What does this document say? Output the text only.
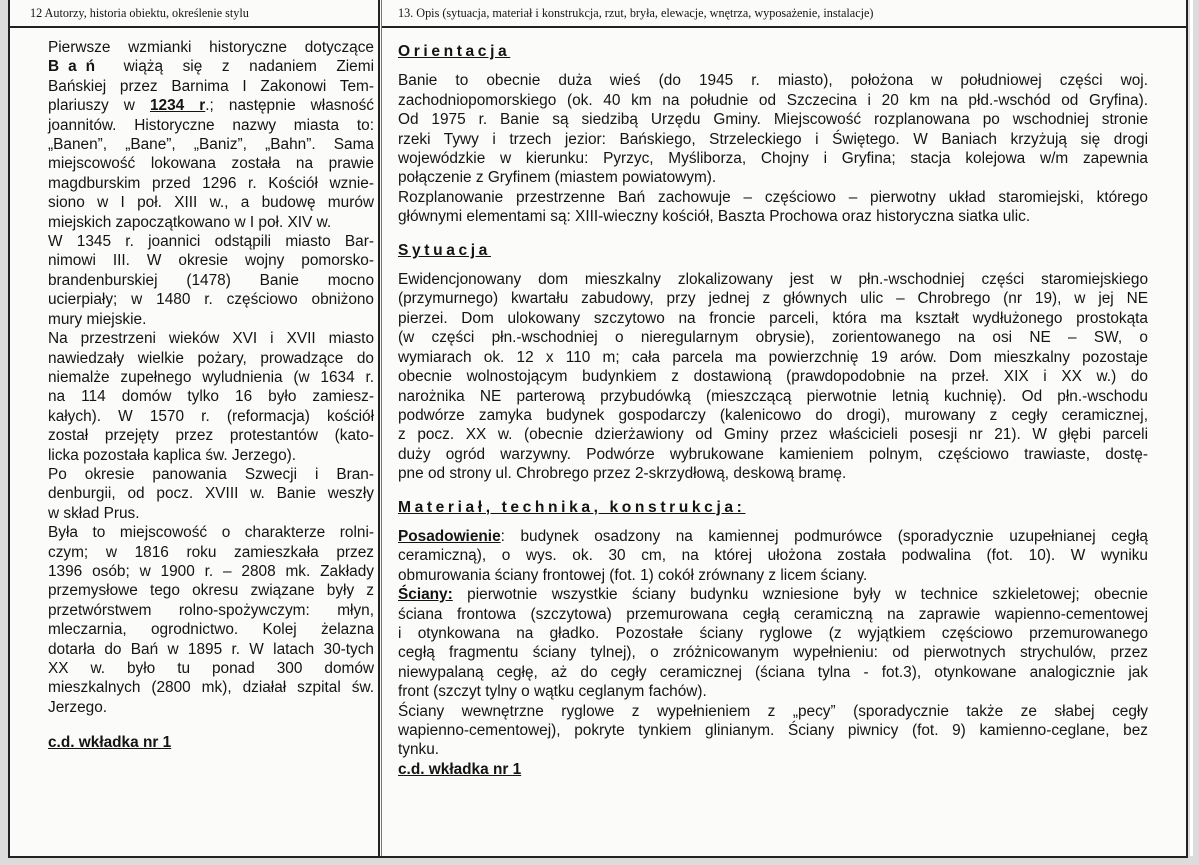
12 Autorzy, historia obiektu, określenie stylu
Pierwsze wzmianki historyczne dotyczące
Bań wiążą się z nadaniem Ziemi
Bańskiej przez Barnima I Zakonowi Tem-
plariuszy w 1234 r.; następnie własność
joannitów. Historyczne nazwy miasta to:
„Banen”, „Bane”, „Baniz”, „Bahn”. Sama
miejscowość lokowana została na prawie
magdburskim przed 1296 r. Kościół wznie-
siono w I poł. XIII w., a budowę murów
miejskich zapoczątkowano w I poł. XIV w.
W 1345 r. joannici odstąpili miasto Bar-
nimowi III. W okresie wojny pomorsko-
brandenburskiej (1478) Banie mocno
ucierpiały; w 1480 r. częściowo obniżono
mury miejskie.
Na przestrzeni wieków XVI i XVII miasto
nawiedzały wielkie pożary, prowadzące do
niemalże zupełnego wyludnienia (w 1634 r.
na 114 domów tylko 16 było zamiesz-
kałych). W 1570 r. (reformacja) kościół
został przejęty przez protestantów (kato-
licka pozostała kaplica św. Jerzego).
Po okresie panowania Szwecji i Bran-
denburgii, od pocz. XVIII w. Banie weszły
w skład Prus.
Była to miejscowość o charakterze rolni-
czym; w 1816 roku zamieszkała przez
1396 osób; w 1900 r. – 2808 mk. Zakłady
przemysłowe tego okresu związane były z
przetwórstwem rolno-spożywczym: młyn,
mleczarnia, ogrodnictwo. Kolej żelazna
dotarła do Bań w 1895 r. W latach 30-tych
XX w. było tu ponad 300 domów
mieszkalnych (2800 mk), działał szpital św.
Jerzego.
c.d. wkładka nr 1
13. Opis (sytuacja, materiał i konstrukcja, rzut, bryła, elewacje, wnętrza, wyposażenie, instalacje)

Orientacja

Banie to obecnie duża wieś (do 1945 r. miasto), położona w południowej części woj.
zachodniopomorskiego (ok. 40 km na południe od Szczecina i 20 km na płd.-wschód od Gryfina).
Od 1975 r. Banie są siedzibą Urzędu Gminy. Miejscowość rozplanowana po wschodniej stronie
rzeki Tywy i trzech jezior: Bańskiego, Strzeleckiego i Świętego. W Baniach krzyżują się drogi
wojewódzkie w kierunku: Pyrzyc, Myśliborza, Chojny i Gryfina; stacja kolejowa w/m zapewnia
połączenie z Gryfinem (miastem powiatowym).
Rozplanowanie przestrzenne Bań zachowuje – częściowo – pierwotny układ staromiejski, którego
głównymi elementami są: XIII-wieczny kościół, Baszta Prochowa oraz historyczna siatka ulic.

Sytuacja

Ewidencjonowany dom mieszkalny zlokalizowany jest w płn.-wschodniej części staromiejskiego
(przymurnego) kwartału zabudowy, przy jednej z głównych ulic – Chrobrego (nr 19), w jej NE
pierzei. Dom ulokowany szczytowo na froncie parceli, która ma kształt wydłużonego prostokąta
(w części płn.-wschodniej o nieregularnym obrysie), zorientowanego na osi NE – SW, o
wymiarach ok. 12 x 110 m; cała parcela ma powierzchnię 19 arów. Dom mieszkalny pozostaje
obecnie wolnostojącym budynkiem z dostawioną (prawdopodobnie na przeł. XIX i XX w.) do
narożnika NE parterową przybudówką (mieszczącą pierwotnie letnią kuchnię). Od płn.-wschodu
podwórze zamyka budynek gospodarczy (kalenicowo do drogi), murowany z cegły ceramicznej,
z pocz. XX w. (obecnie dzierżawiony od Gminy przez właścicieli posesji nr 21). W głębi parceli
duży ogród warzywny. Podwórze wybrukowane kamieniem polnym, częściowo trawiaste, dostę-
pne od strony ul. Chrobrego przez 2-skrzydłową, deskową bramę.

Materiał, technika, konstrukcja:

Posadowienie: budynek osadzony na kamiennej podmurówce (sporadycznie uzupełnianej cegłą
ceramiczną), o wys. ok. 30 cm, na której ułożona została podwalina (fot. 10). W wyniku
obmurowania ściany frontowej (fot. 1) cokół zrównany z licem ściany.
Ściany: pierwotnie wszystkie ściany budynku wzniesione były w technice szkieletowej; obecnie
ściana frontowa (szczytowa) przemurowana cegłą ceramiczną na zaprawie wapienno-cementowej
i otynkowana na gładko. Pozostałe ściany ryglowe (z wyjątkiem częściowo przemurowanego
cegłą fragmentu ściany tylnej), o zróżnicowanym wypełnieniu: od pierwotnych strychulów, przez
niewypalaną cegłę, aż do cegły ceramicznej (ściana tylna - fot.3), otynkowane analogicznie jak
front (szczyt tylny o wątku ceglanym fachów).
Ściany wewnętrzne ryglowe z wypełnieniem z „pecy” (sporadycznie także ze słabej cegły
wapienno-cementowej), pokryte tynkiem glinianym. Ściany piwnicy (fot. 9) kamienno-ceglane, bez
tynku.
c.d. wkładka nr 1
